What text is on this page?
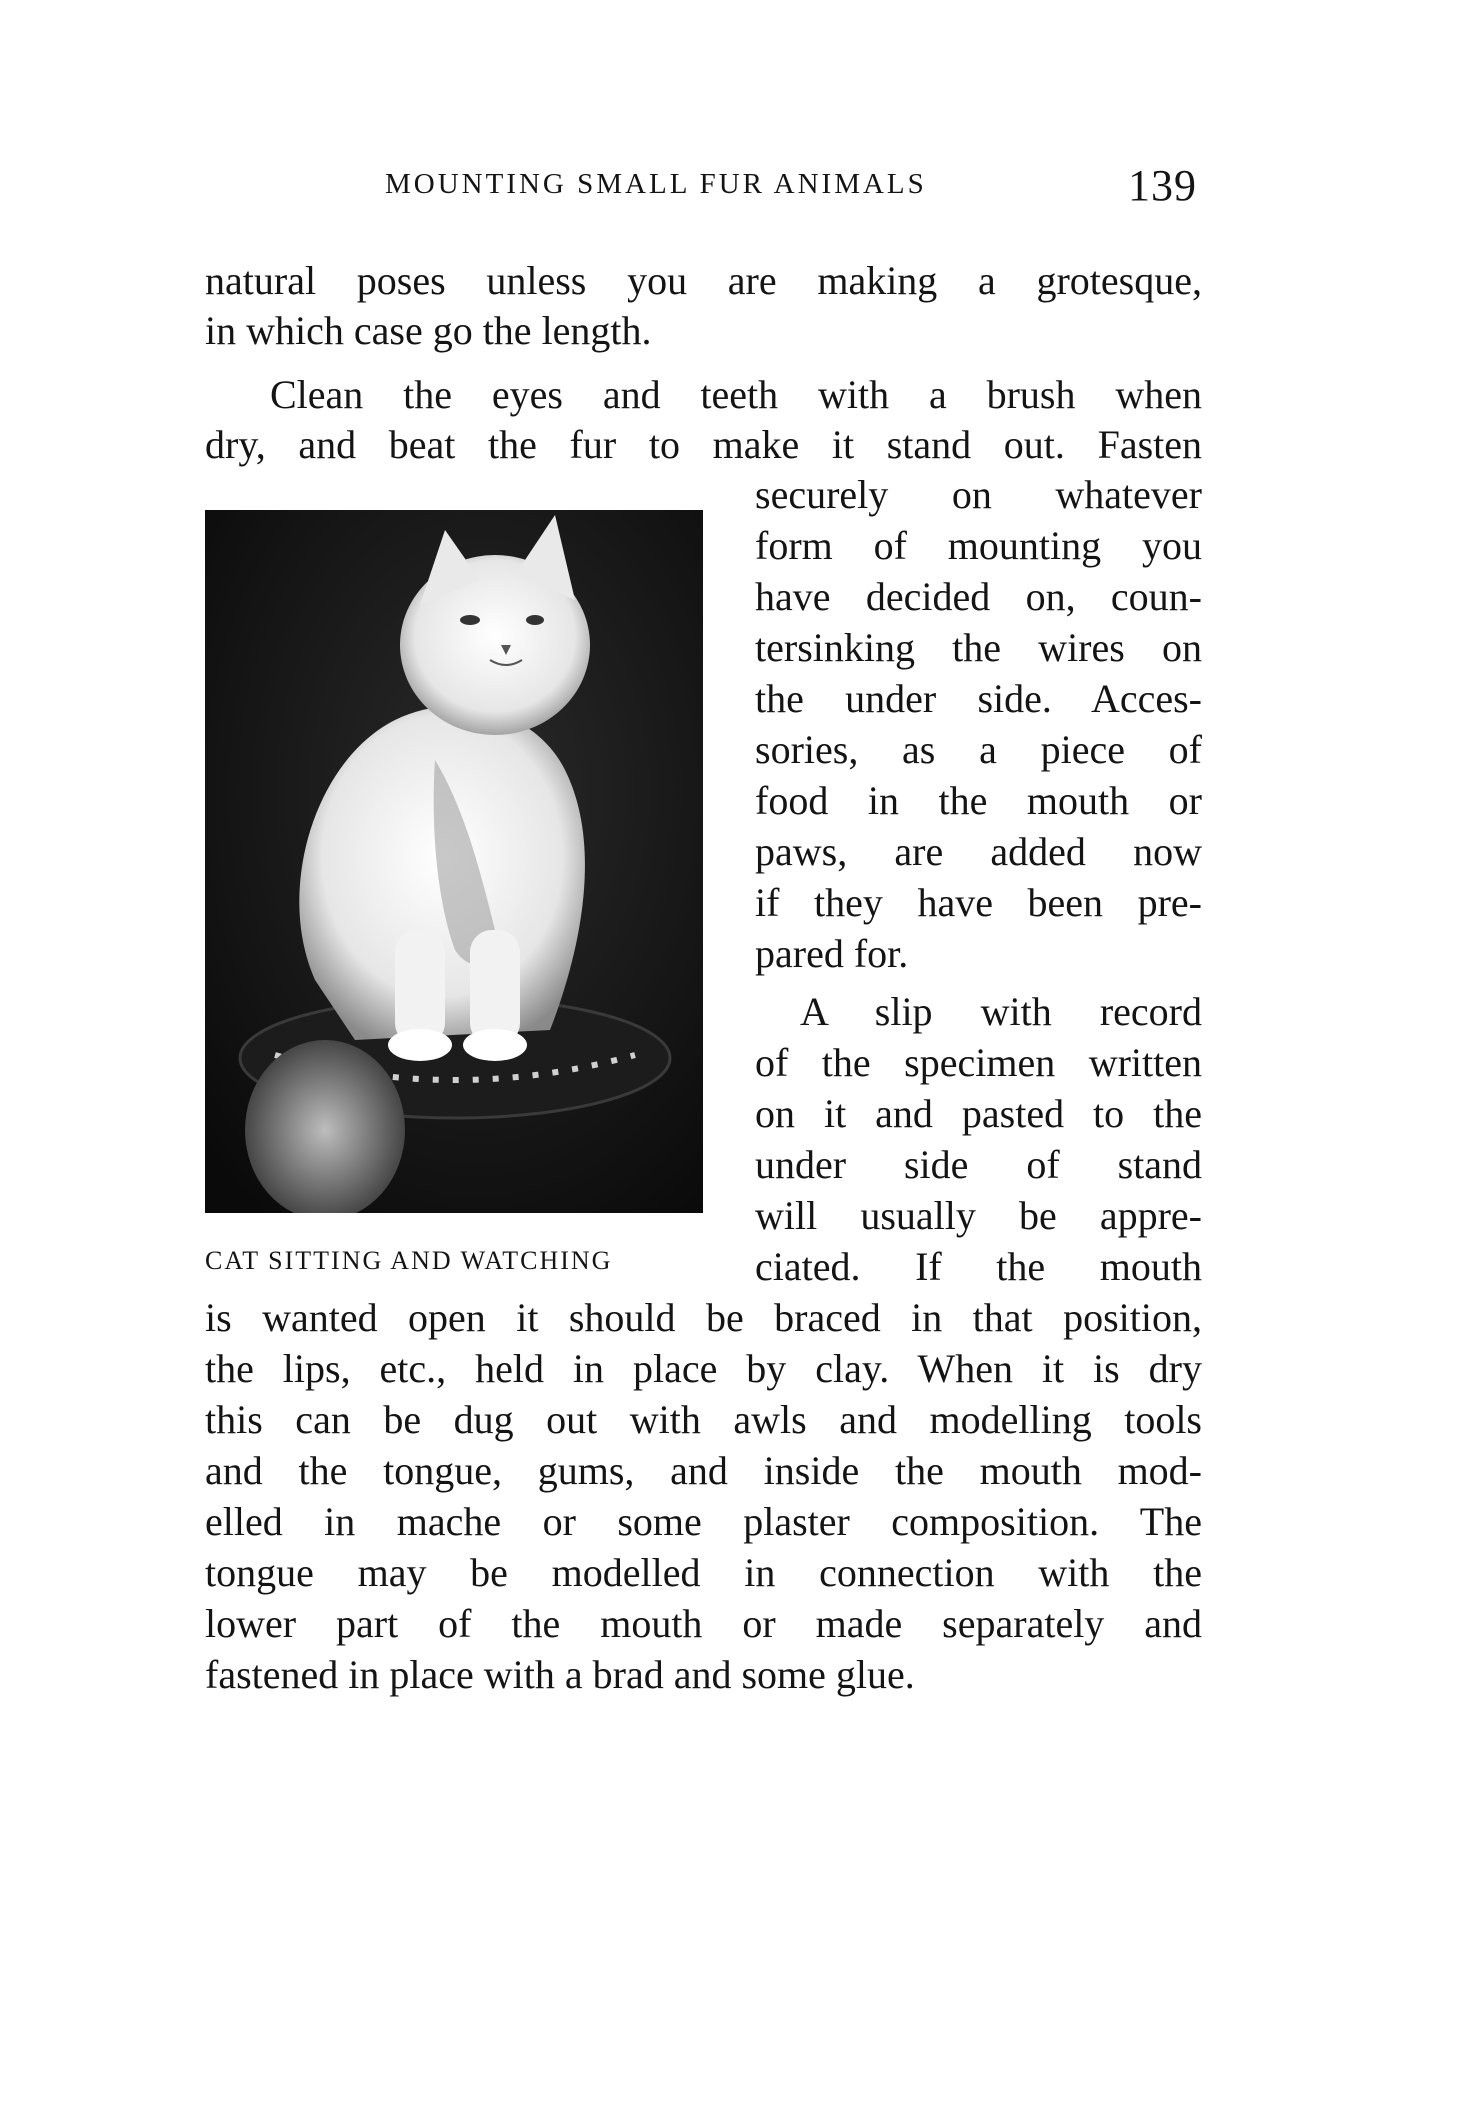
MOUNTING SMALL FUR ANIMALS	139
natural poses unless you are making a grotesque,
in which case go the length.
Clean the eyes and teeth with a brush when
dry, and beat the fur to make it stand out. Fasten
CAT SITTING AND WATCHING
securely on whatever
form of mounting you
have decided on, coun-
tersinking the wires on
the under side. Acces-
sories, as a piece of
food in the mouth or
paws, are added now
if they have been pre-
pared for.
A slip with record
of the specimen written
on it and pasted to the
under side of stand
will usually be appre-
ciated. If the mouth
is wanted open it should be braced in that position,
the lips, etc., held in place by clay. When it is dry
this can be dug out with awls and modelling tools
and the tongue, gums, and inside the mouth mod-
elled in mache or some plaster composition. The
tongue may be modelled in connection with the
lower part of the mouth or made separately and
fastened in place with a brad and some glue.
